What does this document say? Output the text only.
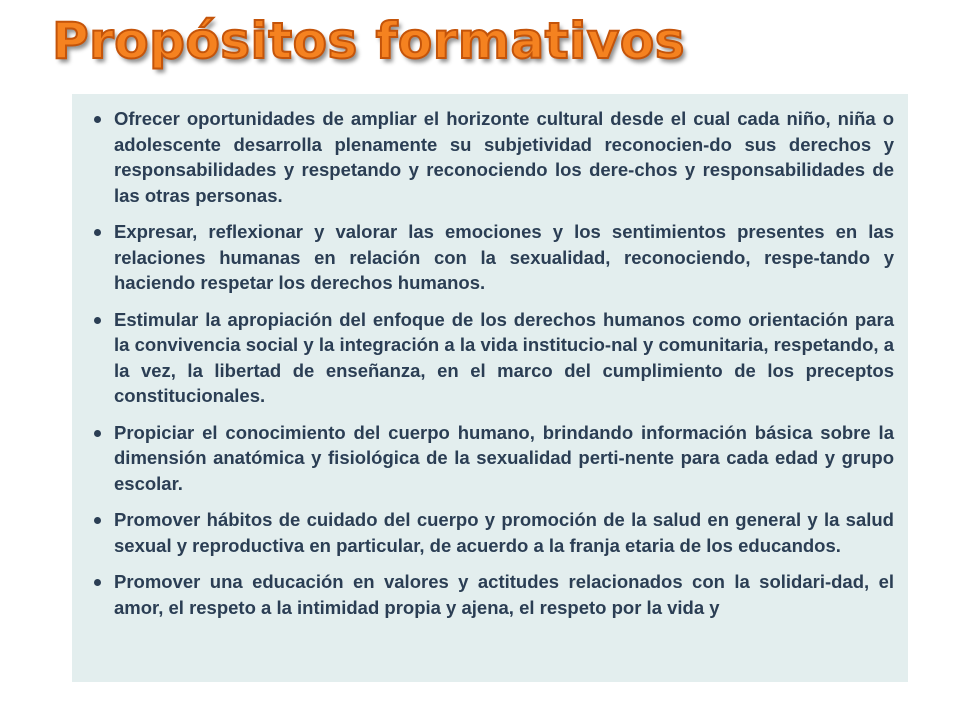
Propósitos formativos
Ofrecer oportunidades de ampliar el horizonte cultural desde el cual cada niño, niña o adolescente desarrolla plenamente su subjetividad reconocien-do sus derechos y responsabilidades y respetando y reconociendo los dere-chos y responsabilidades de las otras personas.
Expresar, reflexionar y valorar las emociones y los sentimientos presentes en las relaciones humanas en relación con la sexualidad, reconociendo, respe-tando y haciendo respetar los derechos humanos.
Estimular la apropiación del enfoque de los derechos humanos como orientación para la convivencia social y la integración a la vida institucio-nal y comunitaria, respetando, a la vez, la libertad de enseñanza, en el marco del cumplimiento de los preceptos constitucionales.
Propiciar el conocimiento del cuerpo humano, brindando información básica sobre la dimensión anatómica y fisiológica de la sexualidad perti-nente para cada edad y grupo escolar.
Promover hábitos de cuidado del cuerpo y promoción de la salud en general y la salud sexual y reproductiva en particular, de acuerdo a la franja etaria de los educandos.
Promover una educación en valores y actitudes relacionados con la solidari-dad, el amor, el respeto a la intimidad propia y ajena, el respeto por la vida y
